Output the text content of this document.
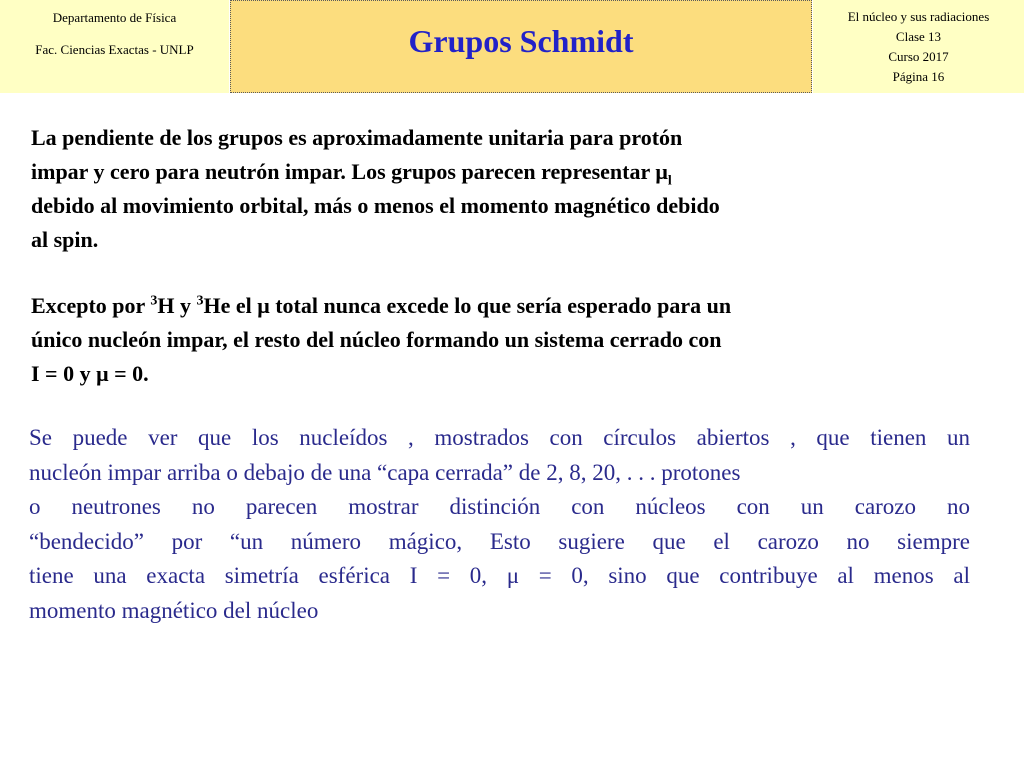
Departamento de Física
Fac. Ciencias Exactas - UNLP	Grupos Schmidt
El núcleo y sus radiaciones
Clase 13
Curso 2017
Página 16
La pendiente de los grupos es aproximadamente unitaria para protón
impar y cero para neutrón impar. Los grupos parecen representar $\mu_l$
debido al movimiento orbital, más o menos el momento magnético debido
al spin.
Excepto por $^3$H y $^3$He el μ total nunca excede lo que sería esperado para un
único nucleón impar, el resto del núcleo formando un sistema cerrado con
I = 0 y μ = 0.

Se puede ver que los nucleídos , mostrados con círculos abiertos , que tienen un

nucleón impar arriba o debajo de una “capa cerrada” de 2, 8, 20, . . . protones

o neutrones no parecen mostrar distinción con núcleos con un carozo no

“bendecido” por “un número mágico, Esto sugiere que el carozo no siempre

tiene una exacta simetría esférica I = 0, μ = 0, sino que contribuye al menos al

momento magnético del núcleo
